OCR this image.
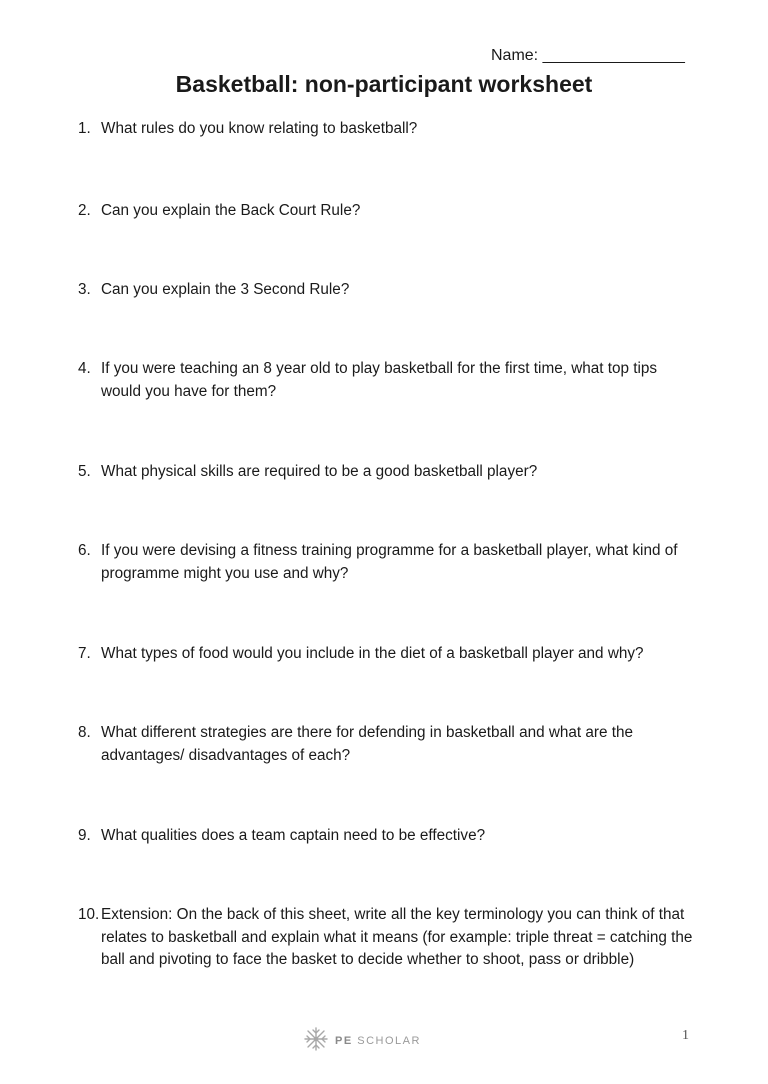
Name: ________________
Basketball: non-participant worksheet
1. What rules do you know relating to basketball?
2. Can you explain the Back Court Rule?
3. Can you explain the 3 Second Rule?
4. If you were teaching an 8 year old to play basketball for the first time, what top tips would you have for them?
5. What physical skills are required to be a good basketball player?
6. If you were devising a fitness training programme for a basketball player, what kind of programme might you use and why?
7. What types of food would you include in the diet of a basketball player and why?
8. What different strategies are there for defending in basketball and what are the advantages/ disadvantages of each?
9. What qualities does a team captain need to be effective?
10. Extension: On the back of this sheet, write all the key terminology you can think of that relates to basketball and explain what it means (for example: triple threat = catching the ball and pivoting to face the basket to decide whether to shoot, pass or dribble)
PE SCHOLAR	1
